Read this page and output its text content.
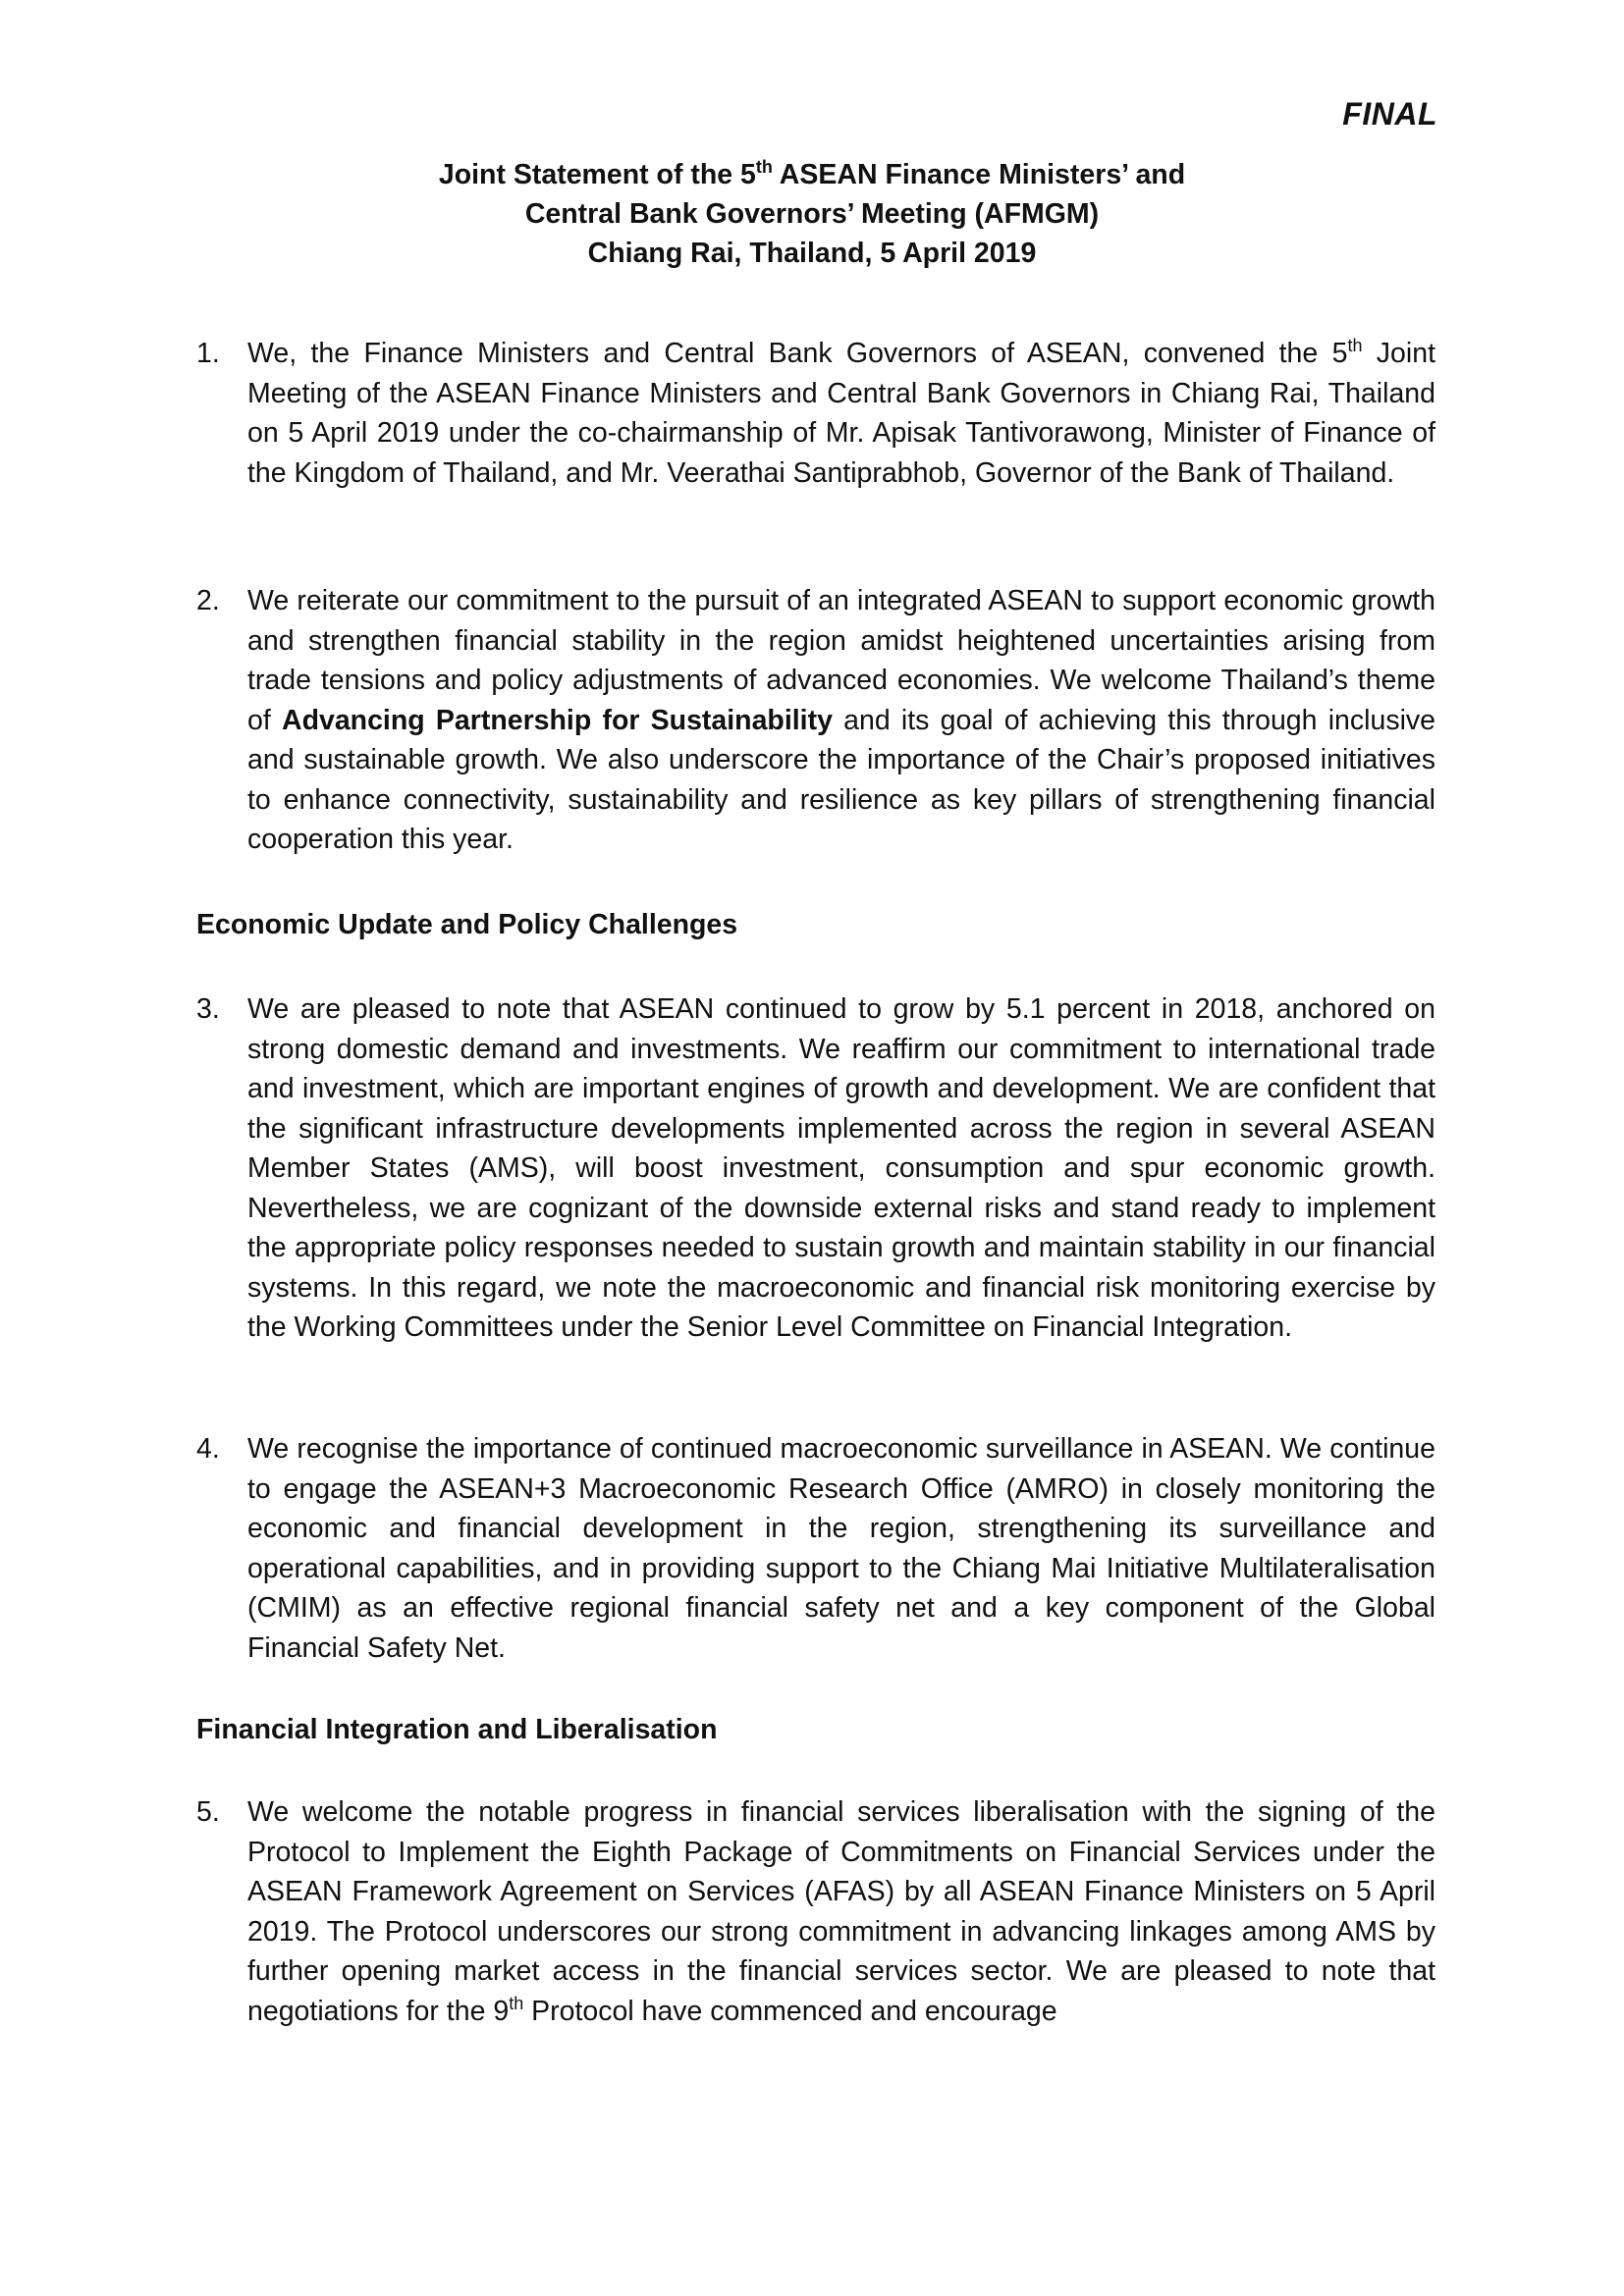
FINAL
Joint Statement of the 5th ASEAN Finance Ministers’ and
Central Bank Governors’ Meeting (AFMGM)
Chiang Rai, Thailand, 5 April 2019
1. We, the Finance Ministers and Central Bank Governors of ASEAN, convened the 5th Joint Meeting of the ASEAN Finance Ministers and Central Bank Governors in Chiang Rai, Thailand on 5 April 2019 under the co-chairmanship of Mr. Apisak Tantivorawong, Minister of Finance of the Kingdom of Thailand, and Mr. Veerathai Santiprabhob, Governor of the Bank of Thailand.
2. We reiterate our commitment to the pursuit of an integrated ASEAN to support economic growth and strengthen financial stability in the region amidst heightened uncertainties arising from trade tensions and policy adjustments of advanced economies. We welcome Thailand’s theme of Advancing Partnership for Sustainability and its goal of achieving this through inclusive and sustainable growth. We also underscore the importance of the Chair’s proposed initiatives to enhance connectivity, sustainability and resilience as key pillars of strengthening financial cooperation this year.
Economic Update and Policy Challenges
3. We are pleased to note that ASEAN continued to grow by 5.1 percent in 2018, anchored on strong domestic demand and investments. We reaffirm our commitment to international trade and investment, which are important engines of growth and development. We are confident that the significant infrastructure developments implemented across the region in several ASEAN Member States (AMS), will boost investment, consumption and spur economic growth. Nevertheless, we are cognizant of the downside external risks and stand ready to implement the appropriate policy responses needed to sustain growth and maintain stability in our financial systems. In this regard, we note the macroeconomic and financial risk monitoring exercise by the Working Committees under the Senior Level Committee on Financial Integration.
4. We recognise the importance of continued macroeconomic surveillance in ASEAN. We continue to engage the ASEAN+3 Macroeconomic Research Office (AMRO) in closely monitoring the economic and financial development in the region, strengthening its surveillance and operational capabilities, and in providing support to the Chiang Mai Initiative Multilateralisation (CMIM) as an effective regional financial safety net and a key component of the Global Financial Safety Net.
Financial Integration and Liberalisation
5. We welcome the notable progress in financial services liberalisation with the signing of the Protocol to Implement the Eighth Package of Commitments on Financial Services under the ASEAN Framework Agreement on Services (AFAS) by all ASEAN Finance Ministers on 5 April 2019. The Protocol underscores our strong commitment in advancing linkages among AMS by further opening market access in the financial services sector. We are pleased to note that negotiations for the 9th Protocol have commenced and encourage
